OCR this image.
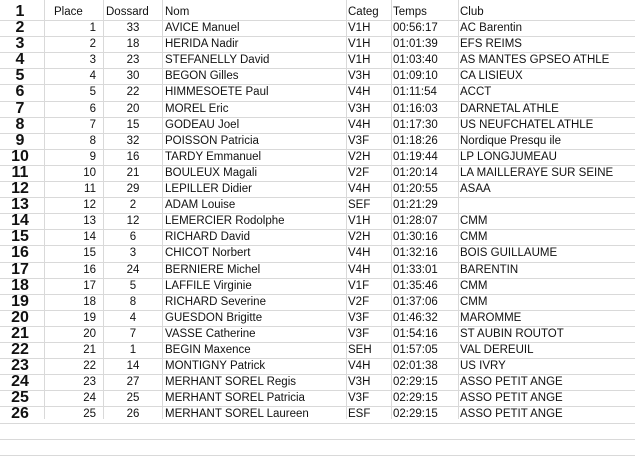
1	Place	Dossard	Nom	Categ	Temps	Club
2	1	33	AVICE Manuel	V1H	00:56:17	AC Barentin
3	2	18	HERIDA Nadir	V1H	01:01:39	EFS REIMS
4	3	23	STEFANELLY David	V1H	01:03:40	AS MANTES GPSEO ATHLE
5	4	30	BEGON Gilles	V3H	01:09:10	CA LISIEUX
6	5	22	HIMMESOETE Paul	V4H	01:11:54	ACCT
7	6	20	MOREL Eric	V3H	01:16:03	DARNETAL ATHLE
8	7	15	GODEAU Joel	V4H	01:17:30	US NEUFCHATEL ATHLE
9	8	32	POISSON Patricia	V3F	01:18:26	Nordique Presqu ile
10	9	16	TARDY Emmanuel	V2H	01:19:44	LP LONGJUMEAU
11	10	21	BOULEUX Magali	V2F	01:20:14	LA MAILLERAYE SUR SEINE
12	11	29	LEPILLER Didier	V4H	01:20:55	ASAA
13	12	2	ADAM Louise	SEF	01:21:29
14	13	12	LEMERCIER Rodolphe	V1H	01:28:07	CMM
15	14	6	RICHARD David	V2H	01:30:16	CMM
16	15	3	CHICOT Norbert	V4H	01:32:16	BOIS GUILLAUME
17	16	24	BERNIERE Michel	V4H	01:33:01	BARENTIN
18	17	5	LAFFILE Virginie	V1F	01:35:46	CMM
19	18	8	RICHARD Severine	V2F	01:37:06	CMM
20	19	4	GUESDON Brigitte	V3F	01:46:32	MAROMME
21	20	7	VASSE Catherine	V3F	01:54:16	ST AUBIN ROUTOT
22	21	1	BEGIN Maxence	SEH	01:57:05	VAL DEREUIL
23	22	14	MONTIGNY Patrick	V4H	02:01:38	US IVRY
24	23	27	MERHANT SOREL Regis	V3H	02:29:15	ASSO PETIT ANGE
25	24	25	MERHANT SOREL Patricia	V3F	02:29:15	ASSO PETIT ANGE
26	25	26	MERHANT SOREL Laureen	ESF	02:29:15	ASSO PETIT ANGE
